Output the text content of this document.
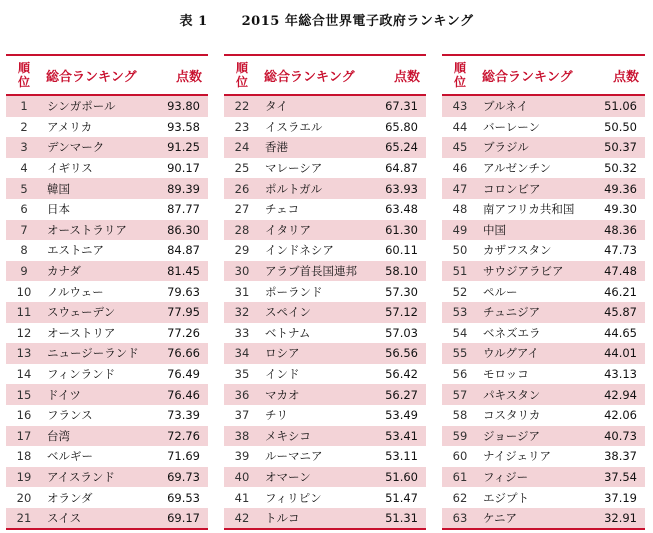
表 1	2015 年総合世界電子政府ランキング
順位	総合ランキング	点数
1	シンガポール	93.80
2	アメリカ	93.58
3	デンマーク	91.25
4	イギリス	90.17
5	韓国	89.39
6	日本	87.77
7	オーストラリア	86.30
8	エストニア	84.87
9	カナダ	81.45
10	ノルウェー	79.63
11	スウェーデン	77.95
12	オーストリア	77.26
13	ニュージーランド	76.66
14	フィンランド	76.49
15	ドイツ	76.46
16	フランス	73.39
17	台湾	72.76
18	ベルギー	71.69
19	アイスランド	69.73
20	オランダ	69.53
21	スイス	69.17
順位	総合ランキング	点数
22	タイ	67.31
23	イスラエル	65.80
24	香港	65.24
25	マレーシア	64.87
26	ポルトガル	63.93
27	チェコ	63.48
28	イタリア	61.30
29	インドネシア	60.11
30	アラブ首長国連邦	58.10
31	ポーランド	57.30
32	スペイン	57.12
33	ベトナム	57.03
34	ロシア	56.56
35	インド	56.42
36	マカオ	56.27
37	チリ	53.49
38	メキシコ	53.41
39	ルーマニア	53.11
40	オマーン	51.60
41	フィリピン	51.47
42	トルコ	51.31
順位	総合ランキング	点数
43	ブルネイ	51.06
44	バーレーン	50.50
45	ブラジル	50.37
46	アルゼンチン	50.32
47	コロンビア	49.36
48	南アフリカ共和国	49.30
49	中国	48.36
50	カザフスタン	47.73
51	サウジアラビア	47.48
52	ペルー	46.21
53	チュニジア	45.87
54	ベネズエラ	44.65
55	ウルグアイ	44.01
56	モロッコ	43.13
57	パキスタン	42.94
58	コスタリカ	42.06
59	ジョージア	40.73
60	ナイジェリア	38.37
61	フィジー	37.54
62	エジプト	37.19
63	ケニア	32.91
